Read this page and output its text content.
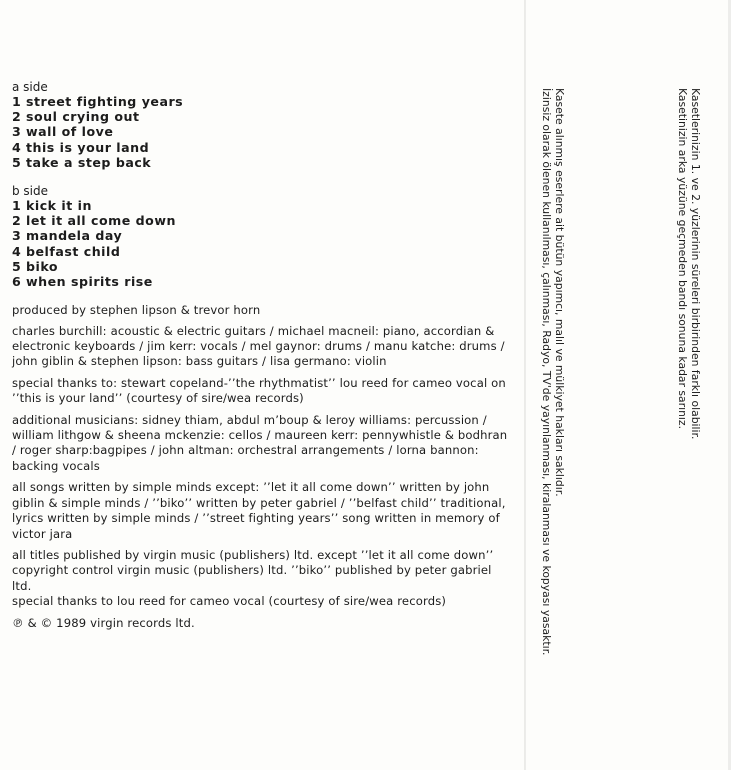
a side

1 street fighting years
2 soul crying out
3 wall of love
4 this is your land
5 take a step back

b side

1 kick it in
2 let it all come down
3 mandela day
4 belfast child
5 biko
6 when spirits rise

produced by stephen lipson & trevor horn

charles burchill: acoustic & electric guitars / michael macneil: piano, accordian & electronic keyboards / jim kerr: vocals / mel gaynor: drums / manu katche: drums / john giblin & stephen lipson: bass guitars / lisa germano: violin

special thanks to: stewart copeland-’’the rhythmatist’’ lou reed for cameo vocal on ’’this is your land’’ (courtesy of sire/wea records)

additional musicians: sidney thiam, abdul m’boup & leroy williams: percussion / william lithgow & sheena mckenzie: cellos / maureen kerr: pennywhistle & bodhran / roger sharp:bagpipes / john altman: orchestral arrangements / lorna bannon: backing vocals

all songs written by simple minds except: ’’let it all come down’’ written by john giblin & simple minds / ’’biko’’ written by peter gabriel / ’’belfast child’’ traditional, lyrics written by simple minds / ’’street fighting years’’ song written in memory of victor jara

all titles published by virgin music (publishers) ltd. except ’’let it all come down’’ copyright control virgin music (publishers) ltd. ’’biko’’ published by peter gabriel ltd.

special thanks to lou reed for cameo vocal (courtesy of sire/wea records)

℗ & © 1989 virgin records ltd.

Kasete alınmış eserlere ait bütün yapımcı, malıl ve mülkiyet hakları saklıdır.
İzinsiz olarak ölenen kullanılması, çalınması, Radyo, TV'de yayınlanması, kiralanması ve kopyası yasaktır.	Kasetlerinizin 1. ve 2. yüzlerinin süreleri birbirinden farklı olabilir.
Kasetinizin arka yüzüne geçmeden bandı sonuna kadar sarınız.
